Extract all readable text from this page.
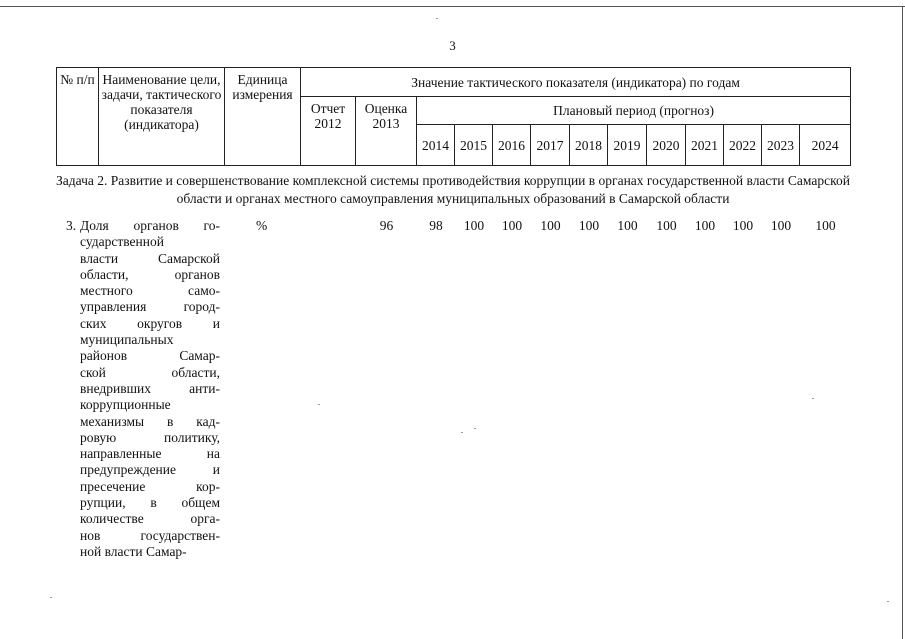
3
№ п/п	Наименование цели, задачи, тактического показателя (индикатора)	Единица измерения	Значение тактического показателя (индикатора) по годам												
			Отчет 2012	Оценка 2013	Плановый период (прогноз)										
					2014	2015	2016	2017	2018	2019	2020	2021	2022	2023	2024
Задача 2. Развитие и совершенствование комплексной системы противодействия коррупции в органах государственной власти Самарской области и органах местного самоуправления муниципальных образований в Самарской области
3. Доля органов го-
сударственной
власти Самарской
области, органов
местного само-
управления город-
ских округов и
муниципальных
районов Самар-
ской области,
внедривших анти-
коррупционные
механизмы в кад-
ровую политику,
направленные на
предупреждение и
пресечение кор-
рупции, в общем
количестве орга-
нов государствен-
ной власти Самар-
%	96	98	100	100	100	100	100	100	100	100	100	100
